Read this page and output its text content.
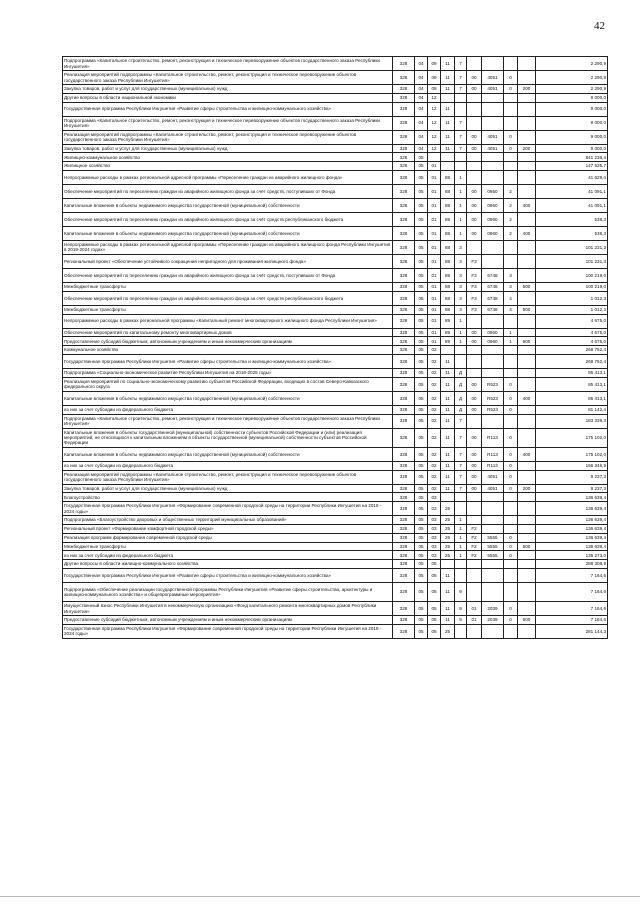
42
Подпрограмма «Капитальное строительство, ремонт, реконструкция и техническое перевооружение объектов государственного заказа Республики Ингушетия»	328	04	09	11	7					2 290,9
Реализация мероприятий подпрограммы «Капитальное строительство, ремонт, реконструкция и техническое перевооружение объектов государственного заказа Республики Ингушетия»	328	04	09	11	7	00	4051	0		2 290,9
Закупка товаров, работ и услуг для государственных (муниципальных) нужд	328	04	09	11	7	00	4051	0	200	2 290,9
Другие вопросы в области национальной экономики	328	04	12							9 000,0
Государственная программа Республики Ингушетия «Развитие сферы строительства и жилищно-коммунального хозяйства»	328	04	12	11						9 000,0
Подпрограмма «Капитальное строительство, ремонт, реконструкция и техническое перевооружение объектов государственного заказа Республики Ингушетия»	328	04	12	11	7					9 000,0
Реализация мероприятий подпрограммы «Капитальное строительство, ремонт, реконструкция и техническое перевооружение объектов государственного заказа Республики Ингушетия»	328	04	12	11	7	00	4051	0		9 000,0
Закупка товаров, работ и услуг для государственных (муниципальных) нужд	328	04	12	11	7	00	4051	0	200	9 000,0
Жилищно-коммунальное хозяйство	328	05								841 236,4
Жилищное хозяйство	328	05	01							147 535,7
Непрограммные расходы в рамках региональной адресной программы «Переселение граждан из аварийного жилищного фонда»	328	05	01	88	1					41 629,4
Обеспечение мероприятий по переселению граждан из аварийного жилищного фонда за счёт средств, поступивших от Фонда	328	05	01	88	1	00	0950	2		41 091,1
Капитальные вложения в объекты недвижимого имущества государственной (муниципальной) собственности	328	05	01	88	1	00	0950	2	400	41 091,1
Обеспечение мероприятий по переселению граждан из аварийного жилищного фонда за счёт средств республиканского бюджета	328	05	01	88	1	00	0960	2		538,3
Капитальные вложения в объекты недвижимого имущества государственной (муниципальной) собственности	328	05	01	88	1	00	0960	2	400	538,3
Непрограммные расходы в рамках региональной адресной программы «Переселение граждан из аварийного жилищного фонда Республики Ингушетия в 2019-2024 годах»	328	05	01	88	3					101 231,3
Региональный проект «Обеспечение устойчивого сокращения непригодного для проживания жилищного фонда»	328	05	01	88	3	F3				101 231,3
Обеспечение мероприятий по переселению граждан из аварийного жилищного фонда за счёт средств, поступивших от Фонда	328	05	01	88	3	F3	6748	3		100 219,0
Межбюджетные трансферты	328	05	01	88	3	F3	6748	3	500	100 219,0
Обеспечение мероприятий по переселению граждан из аварийного жилищного фонда за счёт средств республиканского бюджета	328	05	01	88	3	F3	6748	4		1 012,3
Межбюджетные трансферты	328	05	01	88	3	F3	6748	4	500	1 012,3
Непрограммные расходы в рамках региональной программы «Капитальный ремонт многоквартирного жилищного фонда Республики Ингушетия»	328	05	01	89	1					4 675,0
Обеспечение мероприятий по капитальному ремонту многоквартирных домов	328	05	01	89	1	00	0960	1		4 675,0
Предоставление субсидий бюджетным, автономным учреждениям и иным некоммерческим организациям	328	05	01	89	1	00	0960	1	600	4 675,0
Коммунальное хозяйство	328	05	02							268 752,4
Государственная программа Республики Ингушетия «Развитие сферы строительства и жилищно-коммунального хозяйства»	328	05	02	11						268 752,4
Подпрограмма «Социально-экономическое развитие Республики Ингушетия на 2016-2025 годы»	328	05	02	11	Д					85 413,1
Реализация мероприятий по социально-экономическому развитию субъектов Российской Федерации, входящих в состав Северо-Кавказского федерального округа	328	05	02	11	Д	00	R523	0		85 413,1
Капитальные вложения в объекты недвижимого имущества государственной (муниципальной) собственности	328	05	02	11	Д	00	R523	0	400	85 413,1
из них за счет субсидии из федерального бюджета	328	05	02	11	Д	00	R523	0		81 142,4
Подпрограмма «Капитальное строительство, ремонт, реконструкция и техническое перевооружение объектов государственного заказа Республики Ингушетия»	328	05	02	11	7					183 339,3
Капитальные вложения в объекты государственной (муниципальной) собственности субъектов Российской Федерации и (или) реализация мероприятий, не относящихся к капитальным вложениям в объекты государственной (муниципальной) собственности субъектов Российской Федерации	328	05	02	11	7	00	R113	0		175 102,0
Капитальные вложения в объекты недвижимого имущества государственной (муниципальной) собственности	328	05	02	11	7	00	R113	0	400	175 102,0
из них за счет субсидии из федерального бюджета	328	05	02	11	7	00	R113	0		166 346,9
Реализация мероприятий подпрограммы «Капитальное строительство, ремонт, реконструкция и техническое перевооружение объектов государственного заказа Республики Ингушетия»	328	05	02	11	7	00	4051	0		8 237,3
Закупка товаров, работ и услуг для государственных (муниципальных) нужд	328	05	02	11	7	00	4051	0	200	8 237,3
Благоустройство	328	05	03							136 639,4
Государственная программа Республики Ингушетия «Формирование современной городской среды на территории Республики Ингушетия на 2018 - 2024 годы»	328	05	03	25						136 639,4
Подпрограмма «Благоустройство дворовых и общественных территорий муниципальных образований»	328	05	03	25	1					136 639,4
Региональный проект «Формирование комфортной городской среды»	328	05	03	25	1	F2				136 639,4
Реализация программ формирования современной городской среды	328	05	03	25	1	F2	5555	0		136 639,4
Межбюджетные трансферты	328	05	03	25	1	F2	5555	0	500	136 639,4
из них за счет субсидии из федерального бюджета	328	05	03	25	1	F2	5555	0		135 273,0
Другие вопросы в области жилищно-коммунального хозяйства	328	05	05							288 308,9
Государственная программа Республики Ингушетия «Развитие сферы строительства и жилищно-коммунального хозяйства»	328	05	05	11						7 164,6
Подпрограмма «Обеспечение реализации государственной программы Республики Ингушетия «Развитие сферы строительства, архитектуры и жилищно-коммунального хозяйства» и общепрограммные мероприятия»	328	05	05	11	9					7 164,6
Имущественный взнос Республики Ингушетия в некоммерческую организацию «Фонд капитального ремонта многоквартирных домов Республики Ингушетия»	328	05	05	11	9	01	2039	0		7 164,6
Предоставление субсидий бюджетным, автономным учреждениям и иным некоммерческим организациям	328	05	05	11	9	01	2039	0	600	7 164,6
Государственная программа Республики Ингушетия «Формирование современной городской среды на территории Республики Ингушетия на 2018 - 2024 годы»	328	05	05	25						281 144,3
